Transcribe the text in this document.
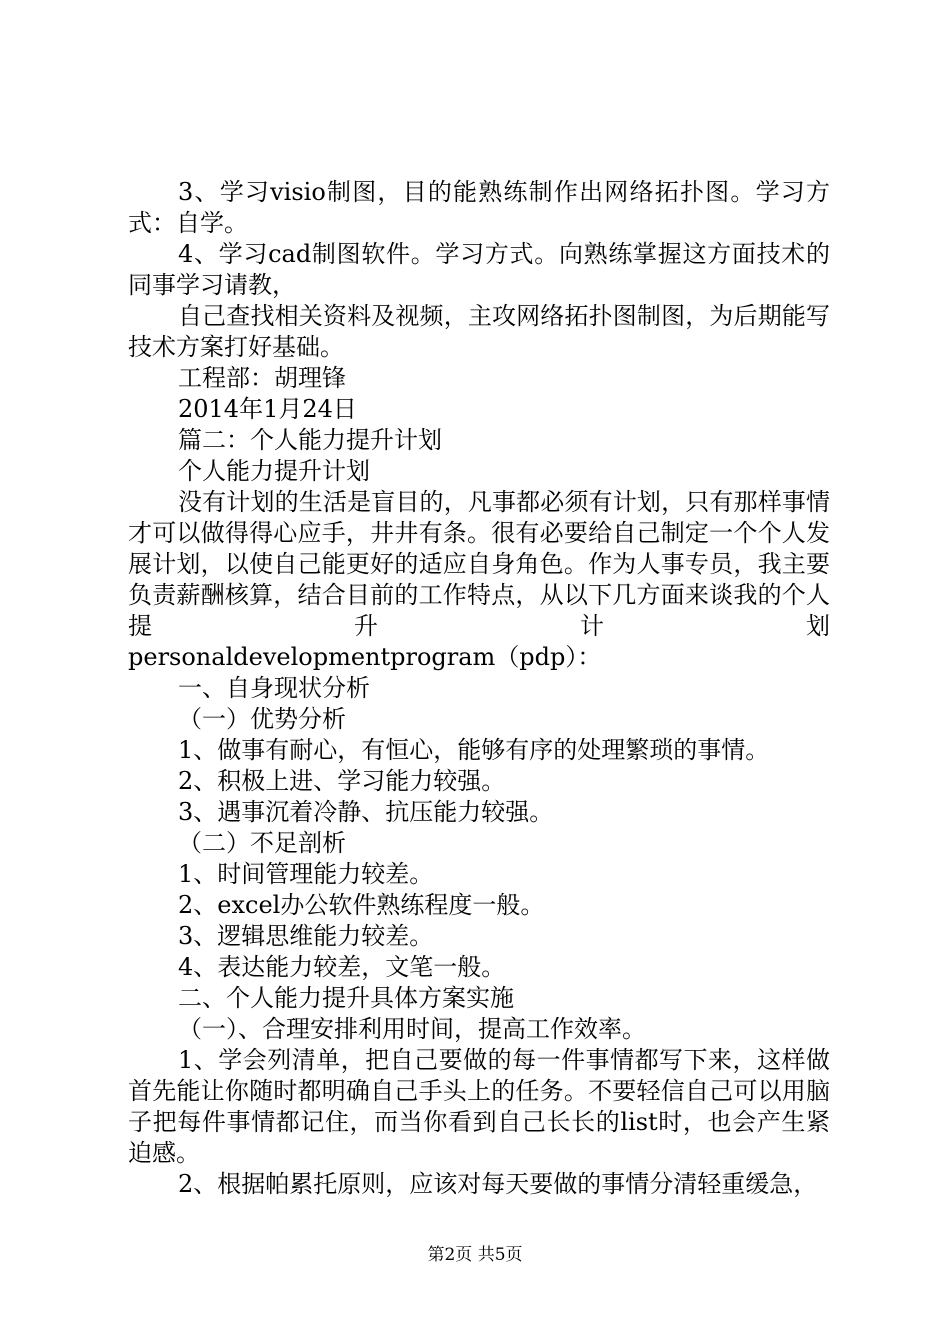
3、学习visio制图，目的能熟练制作出网络拓扑图。学习方式：自学。

4、学习cad制图软件。学习方式。向熟练掌握这方面技术的同事学习请教，

自己查找相关资料及视频，主攻网络拓扑图制图，为后期能写技术方案打好基础。

工程部：胡理锋

2014年1月24日

篇二：个人能力提升计划

个人能力提升计划

没有计划的生活是盲目的，凡事都必须有计划，只有那样事情才可以做得得心应手，井井有条。很有必要给自己制定一个个人发展计划，以使自己能更好的适应自身角色。作为人事专员，我主要负责薪酬核算，结合目前的工作特点，从以下几方面来谈我的个人提升计划

personaldevelopmentprogram（pdp）：

一、自身现状分析

（一）优势分析

1、做事有耐心，有恒心，能够有序的处理繁琐的事情。

2、积极上进、学习能力较强。

3、遇事沉着冷静、抗压能力较强。

（二）不足剖析

1、时间管理能力较差。

2、excel办公软件熟练程度一般。

3、逻辑思维能力较差。

4、表达能力较差，文笔一般。

二、个人能力提升具体方案实施

（一）、合理安排利用时间，提高工作效率。

1、学会列清单，把自己要做的每一件事情都写下来，这样做首先能让你随时都明确自己手头上的任务。不要轻信自己可以用脑子把每件事情都记住，而当你看到自己长长的list时，也会产生紧迫感。

2、根据帕累托原则，应该对每天要做的事情分清轻重缓急，

第2页 共5页
